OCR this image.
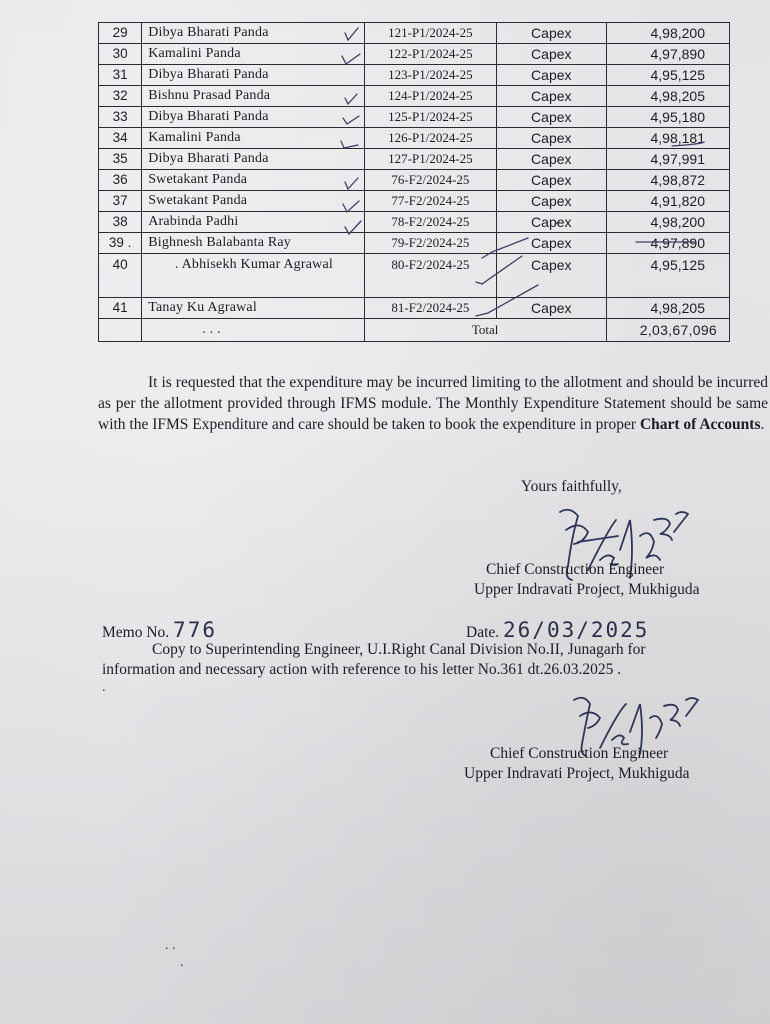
29	Dibya Bharati Panda	121-P1/2024-25	Capex	4,98,200
30	Kamalini Panda	122-P1/2024-25	Capex	4,97,890
31	Dibya Bharati Panda	123-P1/2024-25	Capex	4,95,125
32	Bishnu Prasad Panda	124-P1/2024-25	Capex	4,98,205
33	Dibya Bharati Panda	125-P1/2024-25	Capex	4,95,180
34	Kamalini Panda	126-P1/2024-25	Capex	4,98,181
35	Dibya Bharati Panda	127-P1/2024-25	Capex	4,97,991
36	Swetakant Panda	76-F2/2024-25	Capex	4,98,872
37	Swetakant Panda	77-F2/2024-25	Capex	4,91,820
38	Arabinda Padhi	78-F2/2024-25	Capex	4,98,200
39 .	Bighnesh Balabanta Ray	79-F2/2024-25	Capex	4,97,890
40	. Abhisekh Kumar Agrawal	80-F2/2024-25	Capex	4,95,125
41	Tanay Ku Agrawal	81-F2/2024-25	Capex	4,98,205
	. . .	Total		2,03,67,096
It is requested that the expenditure may be incurred limiting to the allotment and should be incurred as per the allotment provided through IFMS module. The Monthly Expenditure Statement should be same with the IFMS Expenditure and care should be taken to book the expenditure in proper Chart of Accounts.
Yours faithfully,
Chief Construction Engineer
Upper Indravati Project, Mukhiguda
Memo No. 776	Date. 26/03/2025
Copy to Superintending Engineer, U.I.Right Canal Division No.II, Junagarh for
information and necessary action with reference to his letter No.361 dt.26.03.2025 .
Chief Construction Engineer
Upper Indravati Project, Mukhiguda
.
. .
.
